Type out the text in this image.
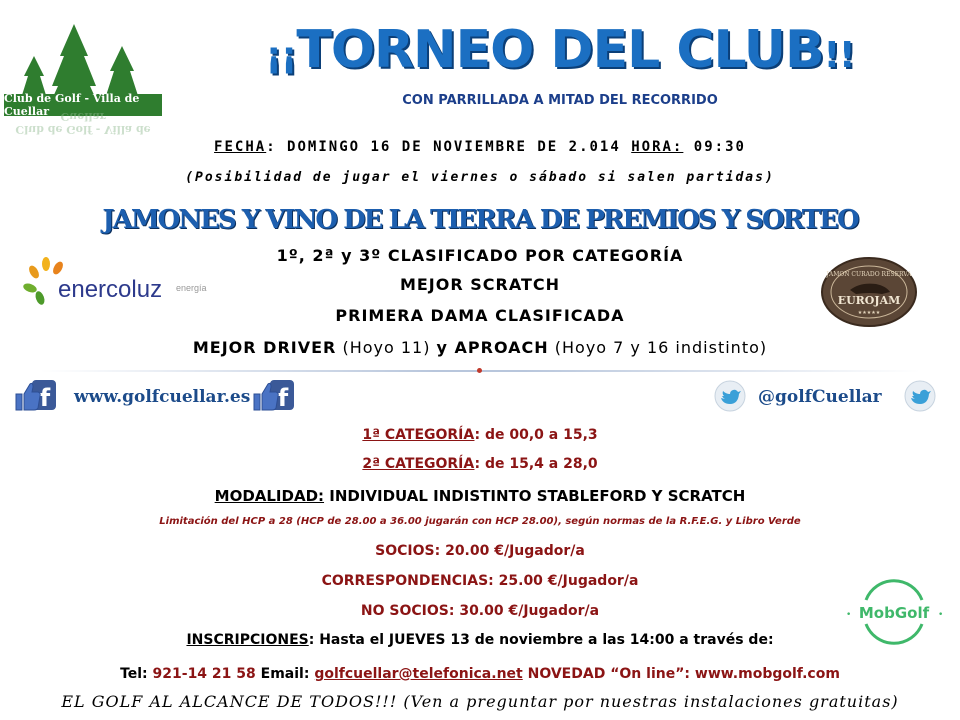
Club de Golf - Villa de Cuellar
Club de Golf - Villa de Cuellar
¡¡TORNEO DEL CLUB!!
CON PARRILLADA A MITAD DEL RECORRIDO
FECHA: DOMINGO 16 DE NOVIEMBRE DE 2.014 HORA: 09:30
(Posibilidad de jugar el viernes o sábado si salen partidas)
JAMONES Y VINO DE LA TIERRA DE PREMIOS Y SORTEO
1º, 2ª y 3º CLASIFICADO POR CATEGORÍA
MEJOR SCRATCH
PRIMERA DAMA CLASIFICADA
MEJOR DRIVER (Hoyo 11) y APROACH (Hoyo 7 y 16 indistinto)
enercoluz energía
JAMON CURADO RESERVA
EUROJAM
★★★★★
f www.golfcuellar.es f	@golfCuellar
1ª CATEGORÍA: de 00,0 a 15,3
2ª CATEGORÍA: de 15,4 a 28,0
MODALIDAD: INDIVIDUAL INDISTINTO STABLEFORD Y SCRATCH
Limitación del HCP a 28 (HCP de 28.00 a 36.00 jugarán con HCP 28.00), según normas de la R.F.E.G. y Libro Verde
SOCIOS: 20.00 €/Jugador/a
CORRESPONDENCIAS: 25.00 €/Jugador/a
NO SOCIOS: 30.00 €/Jugador/a
INSCRIPCIONES: Hasta el JUEVES 13 de noviembre a las 14:00 a través de:
Tel: 921-14 21 58 Email: golfcuellar@telefonica.net NOVEDAD “On line”: www.mobgolf.com
EL GOLF AL ALCANCE DE TODOS!!! (Ven a preguntar por nuestras instalaciones gratuitas)
•	•
MobGolf
